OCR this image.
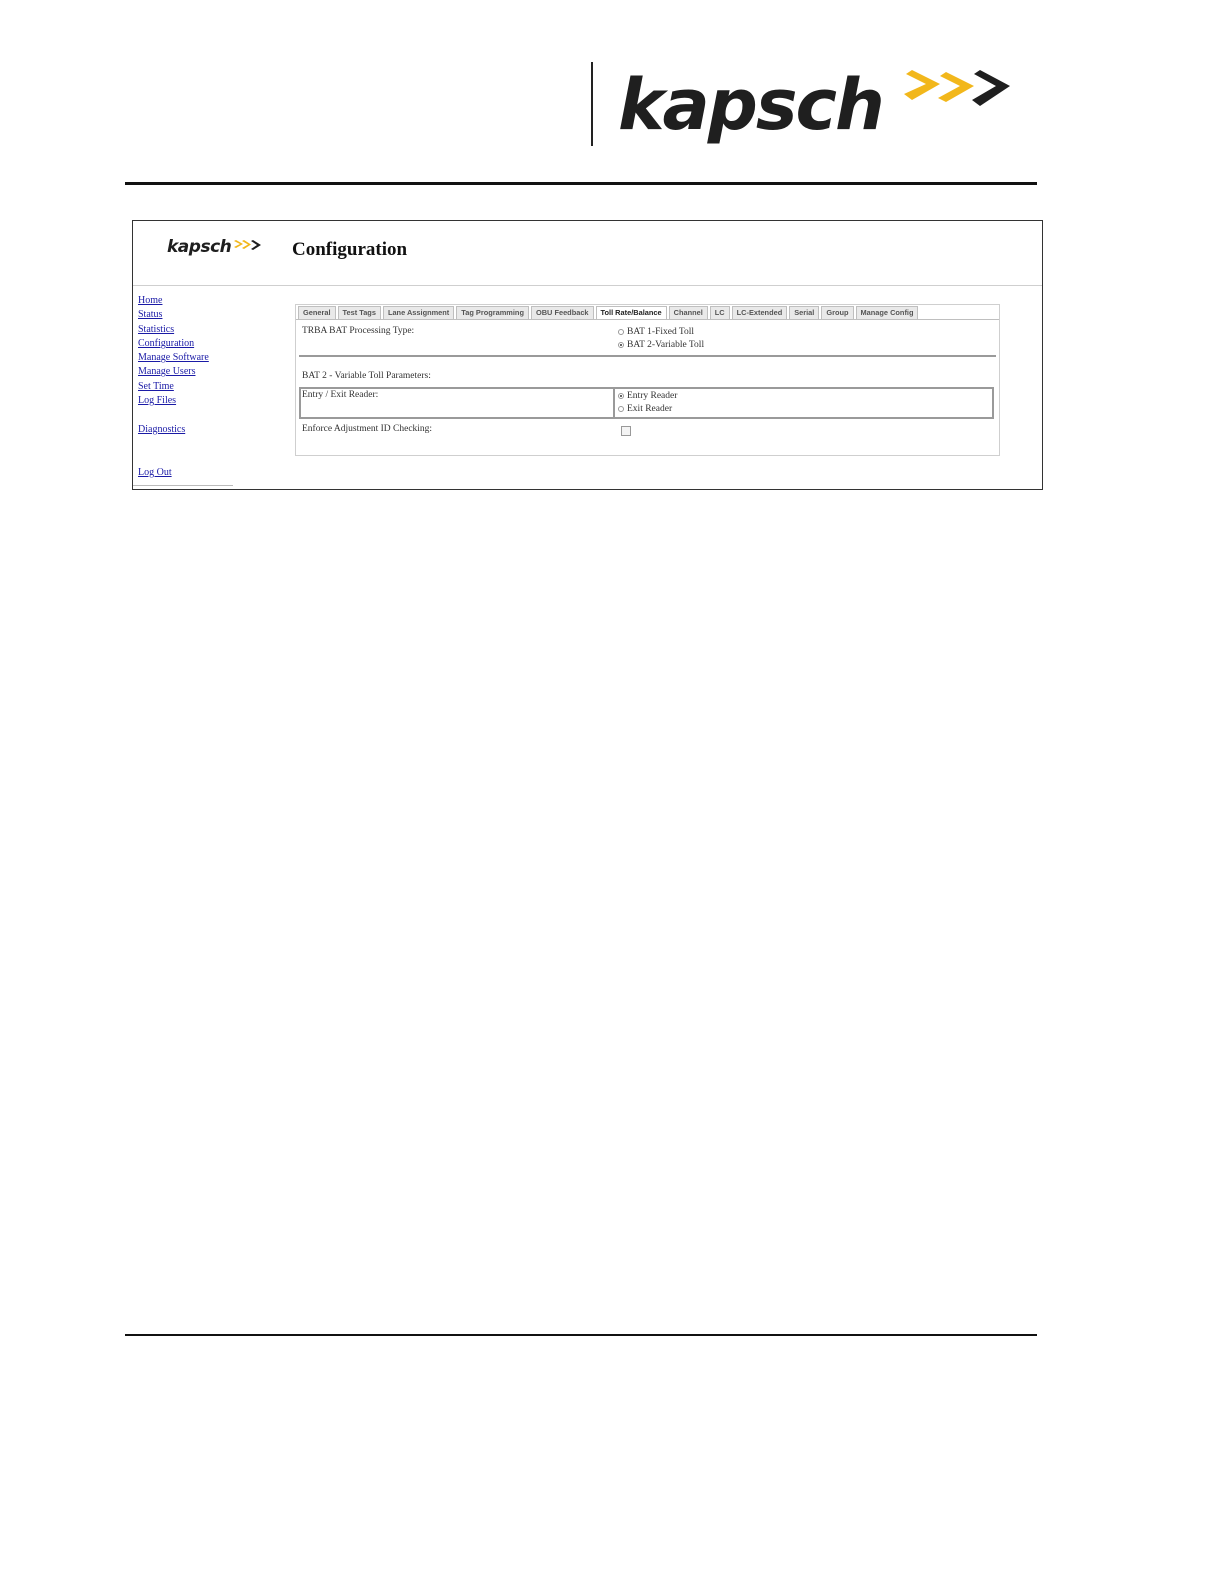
kapsch
kapsch	Configuration
Home
Status
Statistics
Configuration
Manage Software
Manage Users
Set Time
Log Files
Diagnostics
Log Out
General	Test Tags	Lane Assignment	Tag Programming	OBU Feedback	Toll Rate/Balance	Channel	LC	LC-Extended	Serial	Group	Manage Config
TRBA BAT Processing Type:	BAT 1-Fixed Toll
BAT 2-Variable Toll
BAT 2 - Variable Toll Parameters:
Entry / Exit Reader:	Entry Reader
Exit Reader
Enforce Adjustment ID Checking:
